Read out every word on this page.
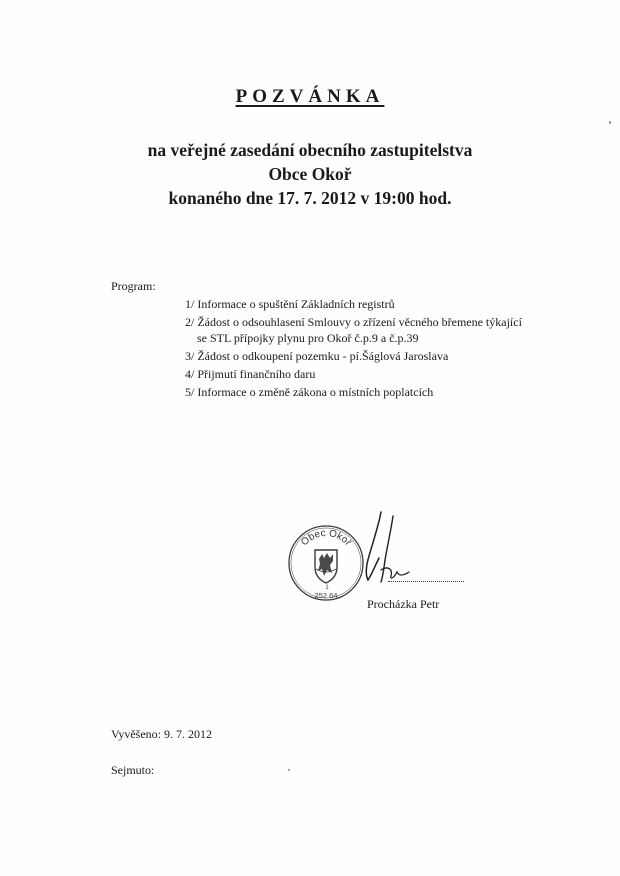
POZVÁNKA
na veřejné zasedání obecního zastupitelstva
Obce Okoř
konaného dne 17. 7. 2012 v 19:00 hod.
Program:
1/ Informace o spuštění Základních registrů
2/ Žádost o odsouhlasení Smlouvy o zřízení věcného břemene týkající
se STL přípojky plynu pro Okoř č.p.9 a č.p.39
3/ Žádost o odkoupení pozemku - pí.Šáglová Jaroslava
4/ Přijmutí finančního daru
5/ Informace o změně zákona o místních poplatcích
Obec Okoř
1
252 64
Procházka Petr
Vyvěšeno: 9. 7. 2012
Sejmuto:
